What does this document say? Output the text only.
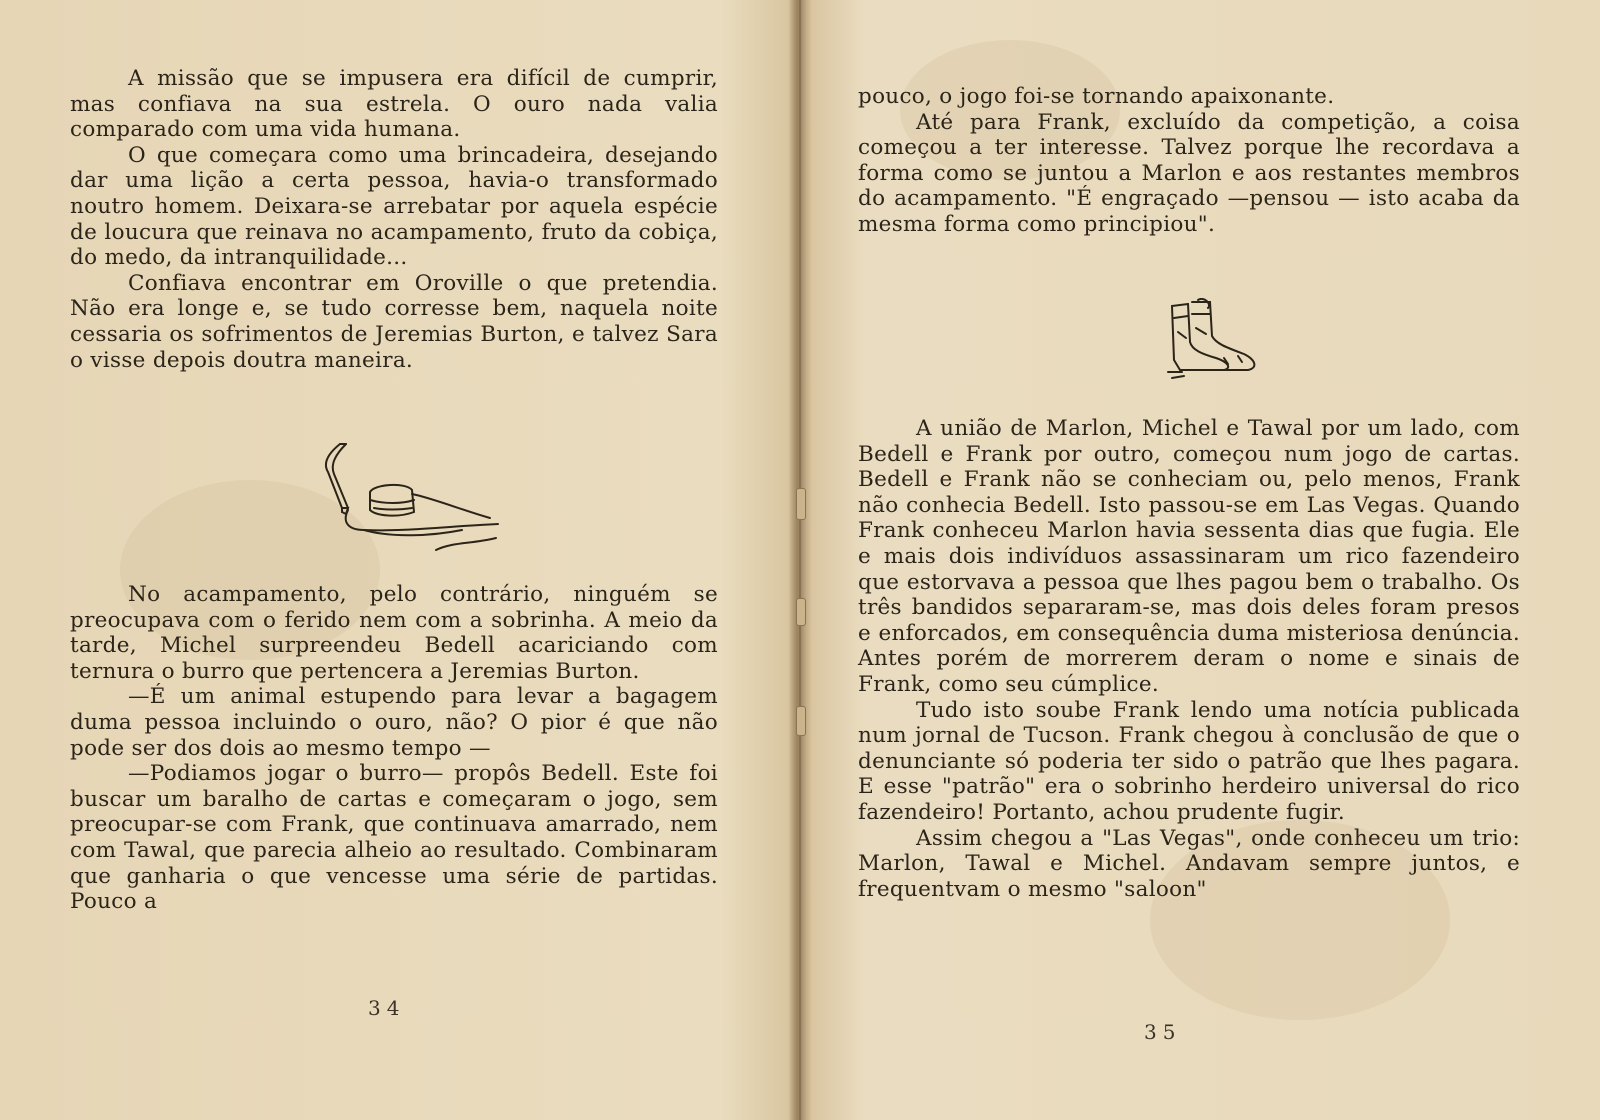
A missão que se impusera era difícil de cumprir, mas confiava na sua estrela. O ouro nada valia comparado com uma vida humana.

O que começara como uma brincadeira, desejando dar uma lição a certa pessoa, havia-o transformado noutro homem. Deixara-se arrebatar por aquela espécie de loucura que reinava no acampamento, fruto da cobiça, do medo, da intranquilidade...

Confiava encontrar em Oroville o que pretendia. Não era longe e, se tudo corresse bem, naquela noite cessaria os sofrimentos de Jeremias Burton, e talvez Sara o visse depois doutra maneira.

No acampamento, pelo contrário, ninguém se preocupava com o ferido nem com a sobrinha. A meio da tarde, Michel surpreendeu Bedell acariciando com ternura o burro que pertencera a Jeremias Burton.

—É um animal estupendo para levar a bagagem duma pessoa incluindo o ouro, não? O pior é que não pode ser dos dois ao mesmo tempo —

—Podiamos jogar o burro— propôs Bedell. Este foi buscar um baralho de cartas e começaram o jogo, sem preocupar-se com Frank, que continuava amarrado, nem com Tawal, que parecia alheio ao resultado. Combinaram que ganharia o que vencesse uma série de partidas. Pouco a

34

pouco, o jogo foi-se tornando apaixonante.

Até para Frank, excluído da competição, a coisa começou a ter interesse. Talvez porque lhe recordava a forma como se juntou a Marlon e aos restantes membros do acampamento. "É engraçado —pensou — isto acaba da mesma forma como principiou".

A união de Marlon, Michel e Tawal por um lado, com Bedell e Frank por outro, começou num jogo de cartas. Bedell e Frank não se conheciam ou, pelo menos, Frank não conhecia Bedell. Isto passou-se em Las Vegas. Quando Frank conheceu Marlon havia sessenta dias que fugia. Ele e mais dois indivíduos assassinaram um rico fazendeiro que estorvava a pessoa que lhes pagou bem o trabalho. Os três bandidos separaram-se, mas dois deles foram presos e enforcados, em consequência duma misteriosa denúncia. Antes porém de morrerem deram o nome e sinais de Frank, como seu cúmplice.

Tudo isto soube Frank lendo uma notícia publicada num jornal de Tucson. Frank chegou à conclusão de que o denunciante só poderia ter sido o patrão que lhes pagara. E esse "patrão" era o sobrinho herdeiro universal do rico fazendeiro! Portanto, achou prudente fugir.

Assim chegou a "Las Vegas", onde conheceu um trio: Marlon, Tawal e Michel. Andavam sempre juntos, e frequentvam o mesmo "saloon"

35
